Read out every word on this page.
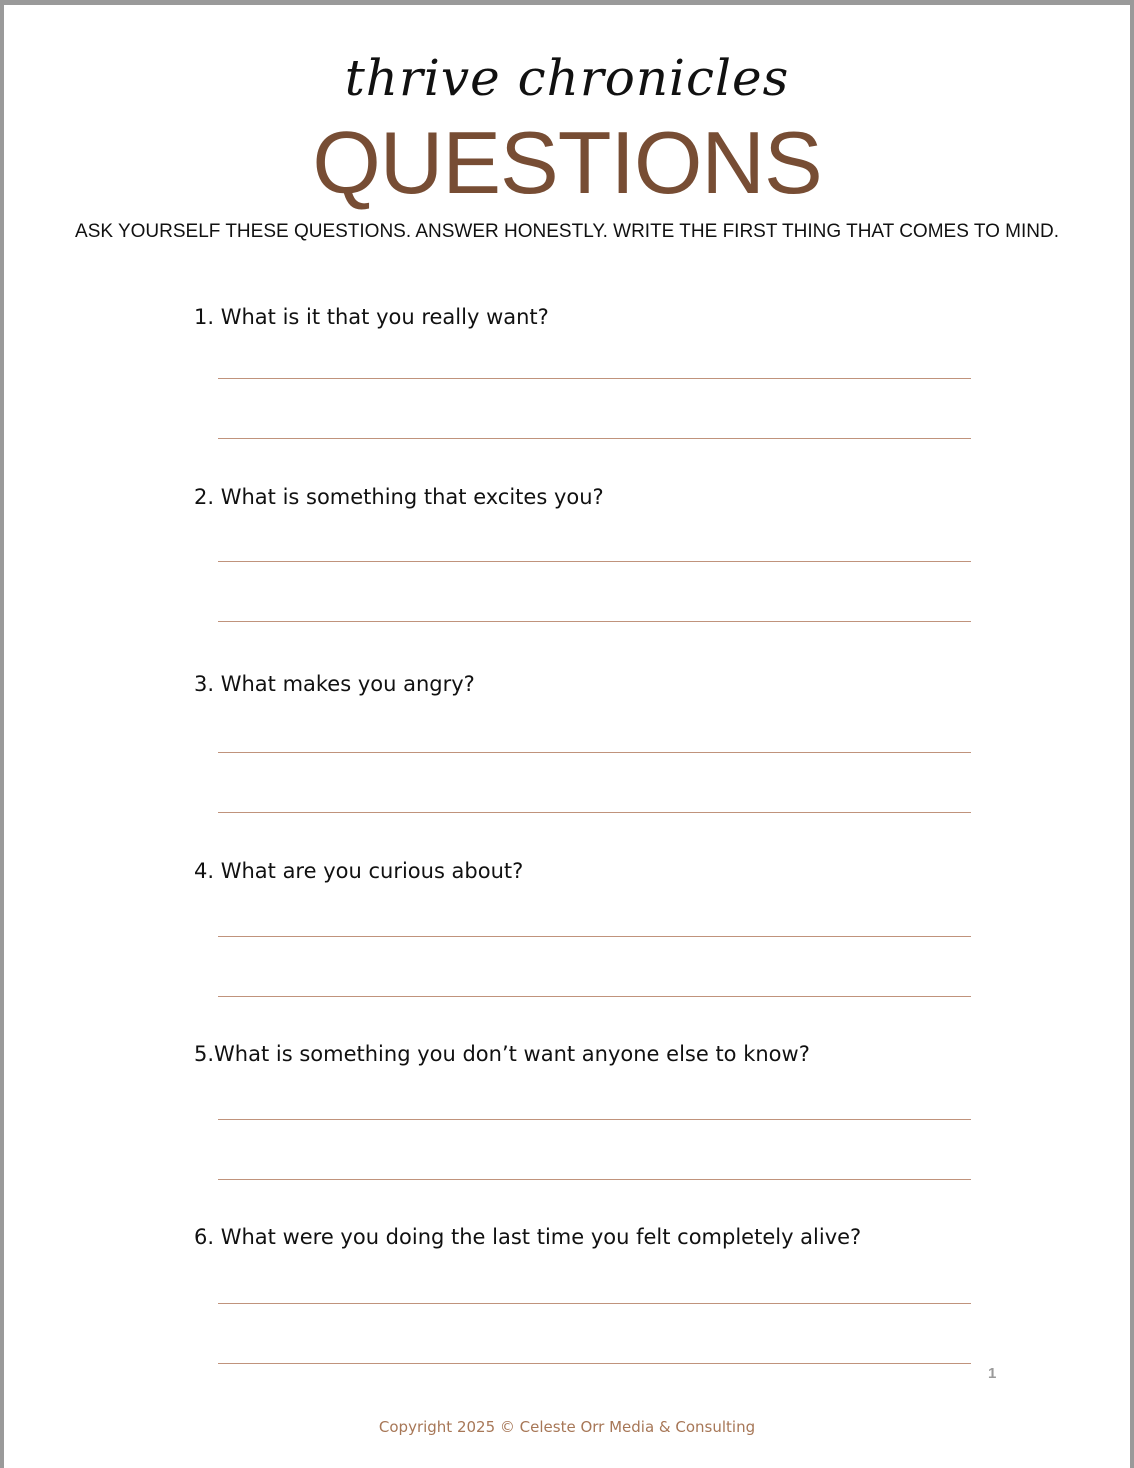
thrive chronicles
QUESTIONS
ASK YOURSELF THESE QUESTIONS. ANSWER HONESTLY. WRITE THE FIRST THING THAT COMES TO MIND.
1. What is it that you really want?
2. What is something that excites you?
3. What makes you angry?
4. What are you curious about?
5.What is something you don’t want anyone else to know?
6. What were you doing the last time you felt completely alive?
1
Copyright 2025 © Celeste Orr Media & Consulting
